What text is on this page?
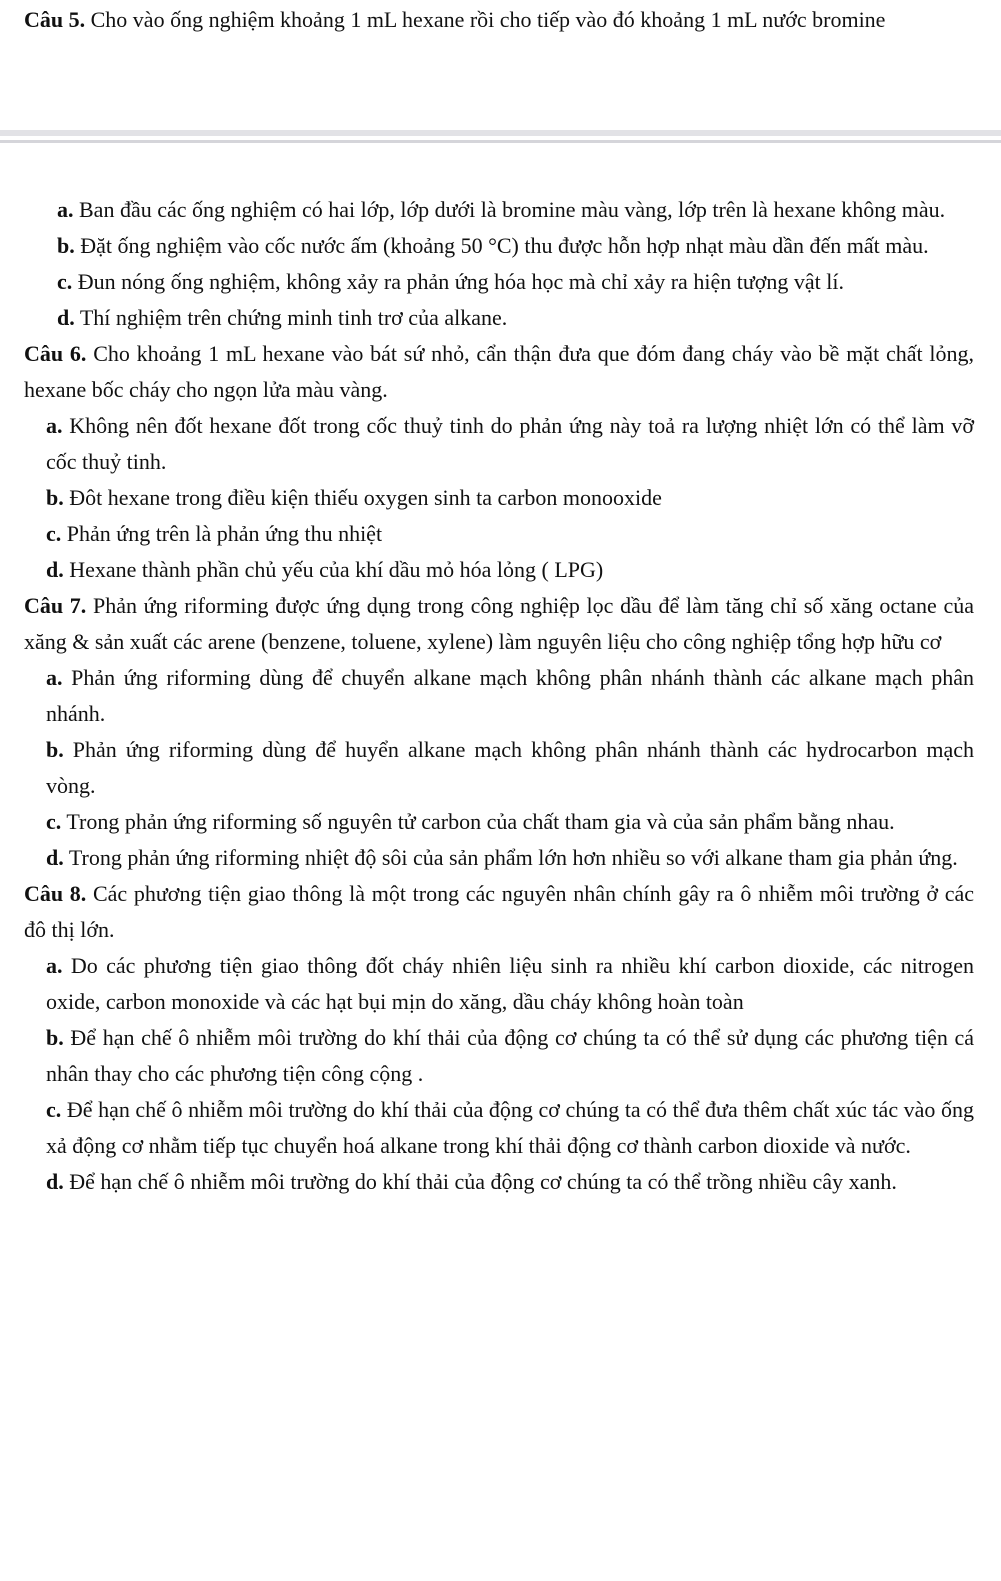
Câu 5. Cho vào ống nghiệm khoảng 1 mL hexane rồi cho tiếp vào đó khoảng 1 mL nước bromine

a. Ban đầu các ống nghiệm có hai lớp, lớp dưới là bromine màu vàng, lớp trên là hexane không màu.

b. Đặt ống nghiệm vào cốc nước ấm (khoảng 50 °C) thu được hỗn hợp nhạt màu dần đến mất màu.

c. Đun nóng ống nghiệm, không xảy ra phản ứng hóa học mà chỉ xảy ra hiện tượng vật lí.

d. Thí nghiệm trên chứng minh tinh trơ của alkane.

Câu 6. Cho khoảng 1 mL hexane vào bát sứ nhỏ, cẩn thận đưa que đóm đang cháy vào bề mặt chất lỏng, hexane bốc cháy cho ngọn lửa màu vàng.

a. Không nên đốt hexane đốt trong cốc thuỷ tinh do phản ứng này toả ra lượng nhiệt lớn có thể làm vỡ cốc thuỷ tinh.

b. Đôt hexane trong điều kiện thiếu oxygen sinh ta carbon monooxide

c. Phản ứng trên là phản ứng thu nhiệt

d. Hexane thành phần chủ yếu của khí dầu mỏ hóa lỏng ( LPG)

Câu 7. Phản ứng riforming được ứng dụng trong công nghiệp lọc dầu để làm tăng chỉ số xăng octane của xăng & sản xuất các arene (benzene, toluene, xylene) làm nguyên liệu cho công nghiệp tổng hợp hữu cơ

a. Phản ứng riforming dùng để chuyển alkane mạch không phân nhánh thành các alkane mạch phân nhánh.

b. Phản ứng riforming dùng để huyển alkane mạch không phân nhánh thành các hydrocarbon mạch vòng.

c. Trong phản ứng riforming số nguyên tử carbon của chất tham gia và của sản phẩm bằng nhau.

d. Trong phản ứng riforming nhiệt độ sôi của sản phẩm lớn hơn nhiều so với alkane tham gia phản ứng.

Câu 8. Các phương tiện giao thông là một trong các nguyên nhân chính gây ra ô nhiễm môi trường ở các đô thị lớn.

a. Do các phương tiện giao thông đốt cháy nhiên liệu sinh ra nhiều khí carbon dioxide, các nitrogen oxide, carbon monoxide và các hạt bụi mịn do xăng, dầu cháy không hoàn toàn

b. Để hạn chế ô nhiễm môi trường do khí thải của động cơ chúng ta có thể sử dụng các phương tiện cá nhân thay cho các phương tiện công cộng .

c. Để hạn chế ô nhiễm môi trường do khí thải của động cơ chúng ta có thể đưa thêm chất xúc tác vào ống xả động cơ nhằm tiếp tục chuyển hoá alkane trong khí thải động cơ thành carbon dioxide và nước.

d. Để hạn chế ô nhiễm môi trường do khí thải của động cơ chúng ta có thể trồng nhiều cây xanh.
